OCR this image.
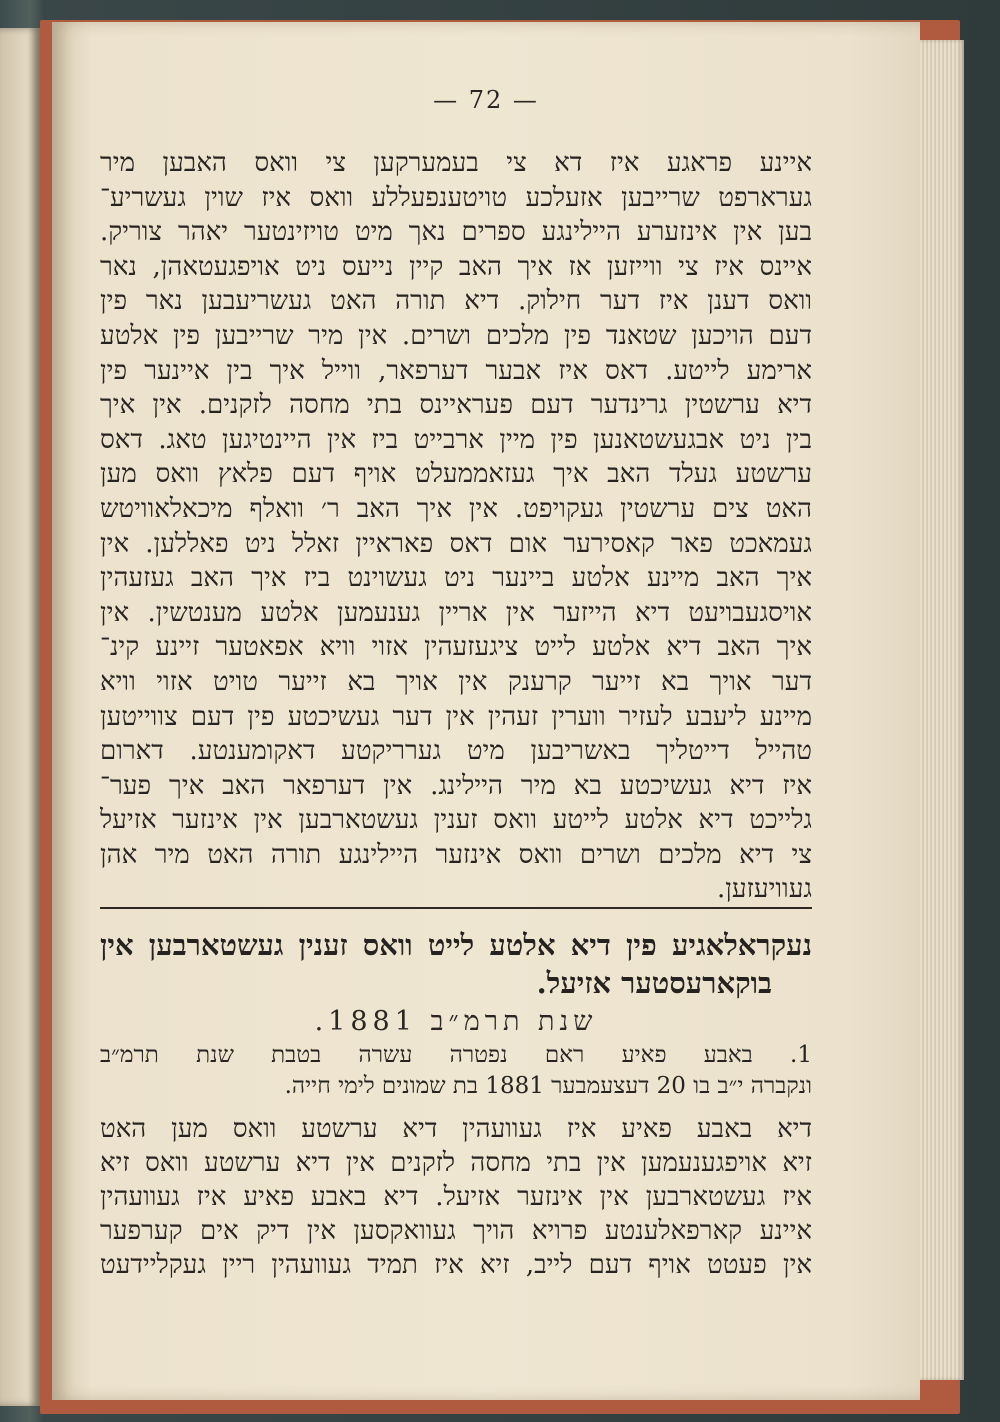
— 72 —
איינע פראגע איז דא צי בעמערקען צי וואס האבען מיר
גערארפט שרייבען אזעלכע טויטענפעללע וואס איז שוין געשריע־
בען אין אינזערע היילינגע ספרים נאך מיט טויזינטער יאהר צוריק.
איינס איז צי ווייזען אז איך האב קיין נייעס ניט אויפגעטאהן, נאר
וואס דענן איז דער חילוק. דיא תורה האט געשריעבען נאר פין
דעם הויכען שטאנד פין מלכים ושרים. אין מיר שרייבען פין אלטע
ארימע לייטע. דאס איז אבער דערפאר, ווייל איך בין איינער פין
דיא ערשטין גרינדער דעם פעראיינס בתי מחסה לזקנים. אין איך
בין ניט אבגעשטאנען פין מיין ארבייט ביז אין היינטיגען טאג. דאס
ערשטע געלד האב איך געזאממעלט אויף דעם פלאץ וואס מען
האט צים ערשטין געקויפט. אין איך האב ר׳ וואלף מיכאלאוויטש
געמאכט פאר קאסירער אום דאס פאראיין זאלל ניט פאללען. אין
איך האב מיינע אלטע ביינער ניט געשוינט ביז איך האב געזעהין
אויסגעבויעט דיא הייזער אין אריין גענעמען אלטע מענטשין. אין
איך האב דיא אלטע לייט ציגעזעהין אזוי וויא אפאטער זיינע קינ־
דער אויך בא זייער קרענק אין אויך בא זייער טויט אזוי וויא
מיינע ליעבע לעזיר ווערין זעהין אין דער געשיכטע פין דעם צווייטען
טהייל דייטליך באשריבען מיט גערריקטע דאקומענטע. דארום
איז דיא געשיכטע בא מיר היילינג. אין דערפאר האב איך פער־
גלייכט דיא אלטע לייטע וואס זענין געשטארבען אין אינזער אזיעל
צי דיא מלכים ושרים וואס אינזער היילינגע תורה האט מיר אהן
געוויעזען.
נעקראלאגיע פין דיא אלטע לייט וואס זענין געשטארבען אין
בוקארעסטער אזיעל.
שנת תרמ״ב 1881.
1. באבע פאיע ראם נפטרה עשרה בטבת שנת תרמ״ב
ונקברה י״ב בו 20 דעצעמבער 1881 בת שמונים לימי חייה.
דיא באבע פאיע איז געוועהין דיא ערשטע וואס מען האט
זיא אויפגענעמען אין בתי מחסה לזקנים אין דיא ערשטע וואס זיא
איז געשטארבען אין אינזער אזיעל. דיא באבע פאיע איז געוועהין
איינע קארפאלענטע פרויא הויך געוואקסען אין דיק אים קערפער
אין פעטט אויף דעם לייב, זיא איז תמיד געוועהין ריין געקליידעט
